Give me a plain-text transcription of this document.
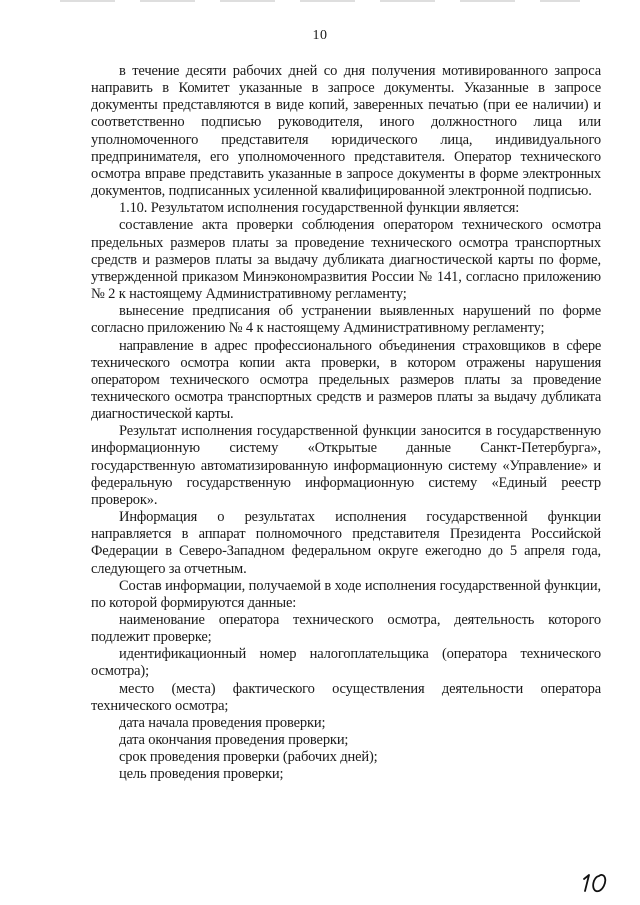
10

в течение десяти рабочих дней со дня получения мотивированного запроса направить в Комитет указанные в запросе документы. Указанные в запросе документы представляются в виде копий, заверенных печатью (при ее наличии) и соответственно подписью руководителя, иного должностного лица или уполномоченного представителя юридического лица, индивидуального предпринимателя, его уполномоченного представителя. Оператор технического осмотра вправе представить указанные в запросе документы в форме электронных документов, подписанных усиленной квалифицированной электронной подписью.

1.10. Результатом исполнения государственной функции является:

составление акта проверки соблюдения оператором технического осмотра предельных размеров платы за проведение технического осмотра транспортных средств и размеров платы за выдачу дубликата диагностической карты по форме, утвержденной приказом Минэкономразвития России № 141, согласно приложению № 2 к настоящему Административному регламенту;

вынесение предписания об устранении выявленных нарушений по форме согласно приложению № 4 к настоящему Административному регламенту;

направление в адрес профессионального объединения страховщиков в сфере технического осмотра копии акта проверки, в котором отражены нарушения оператором технического осмотра предельных размеров платы за проведение технического осмотра транспортных средств и размеров платы за выдачу дубликата диагностической карты.

Результат исполнения государственной функции заносится в государственную информационную систему «Открытые данные Санкт-Петербурга», государственную автоматизированную информационную систему «Управление» и федеральную государственную информационную систему «Единый реестр проверок».

Информация о результатах исполнения государственной функции направляется в аппарат полномочного представителя Президента Российской Федерации в Северо-Западном федеральном округе ежегодно до 5 апреля года, следующего за отчетным.

Состав информации, получаемой в ходе исполнения государственной функции, по которой формируются данные:

наименование оператора технического осмотра, деятельность которого подлежит проверке;

идентификационный номер налогоплательщика (оператора технического осмотра);

место (места) фактического осуществления деятельности оператора технического осмотра;

дата начала проведения проверки;

дата окончания проведения проверки;

срок проведения проверки (рабочих дней);

цель проведения проверки;
